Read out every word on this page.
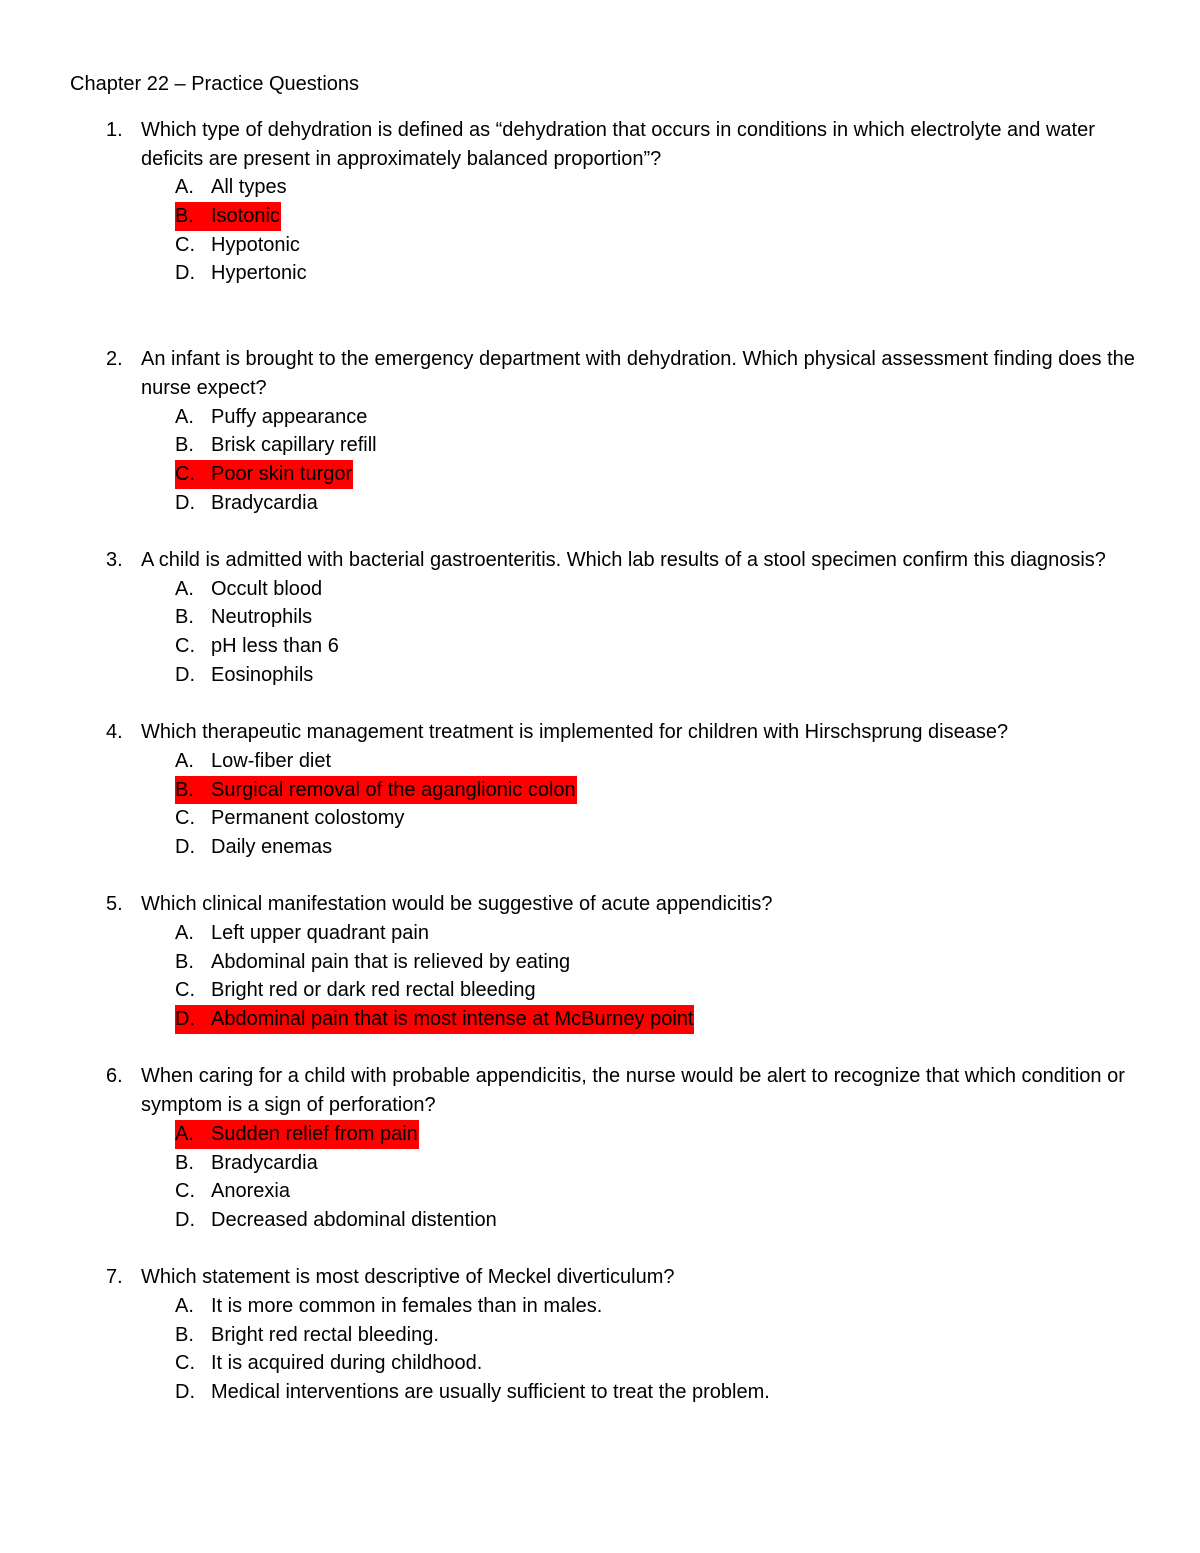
Chapter 22 – Practice Questions
1. Which type of dehydration is defined as “dehydration that occurs in conditions in which electrolyte and water deficits are present in approximately balanced proportion”?
A. All types
B. Isotonic
C. Hypotonic
D. Hypertonic
2. An infant is brought to the emergency department with dehydration. Which physical assessment finding does the nurse expect?
A. Puffy appearance
B. Brisk capillary refill
C. Poor skin turgor
D. Bradycardia
3. A child is admitted with bacterial gastroenteritis. Which lab results of a stool specimen confirm this diagnosis?
A. Occult blood
B. Neutrophils
C. pH less than 6
D. Eosinophils
4. Which therapeutic management treatment is implemented for children with Hirschsprung disease?
A. Low-fiber diet
B. Surgical removal of the aganglionic colon
C. Permanent colostomy
D. Daily enemas
5. Which clinical manifestation would be suggestive of acute appendicitis?
A. Left upper quadrant pain
B. Abdominal pain that is relieved by eating
C. Bright red or dark red rectal bleeding
D. Abdominal pain that is most intense at McBurney point
6. When caring for a child with probable appendicitis, the nurse would be alert to recognize that which condition or symptom is a sign of perforation?
A. Sudden relief from pain
B. Bradycardia
C. Anorexia
D. Decreased abdominal distention
7. Which statement is most descriptive of Meckel diverticulum?
A. It is more common in females than in males.
B. Bright red rectal bleeding.
C. It is acquired during childhood.
D. Medical interventions are usually sufficient to treat the problem.
